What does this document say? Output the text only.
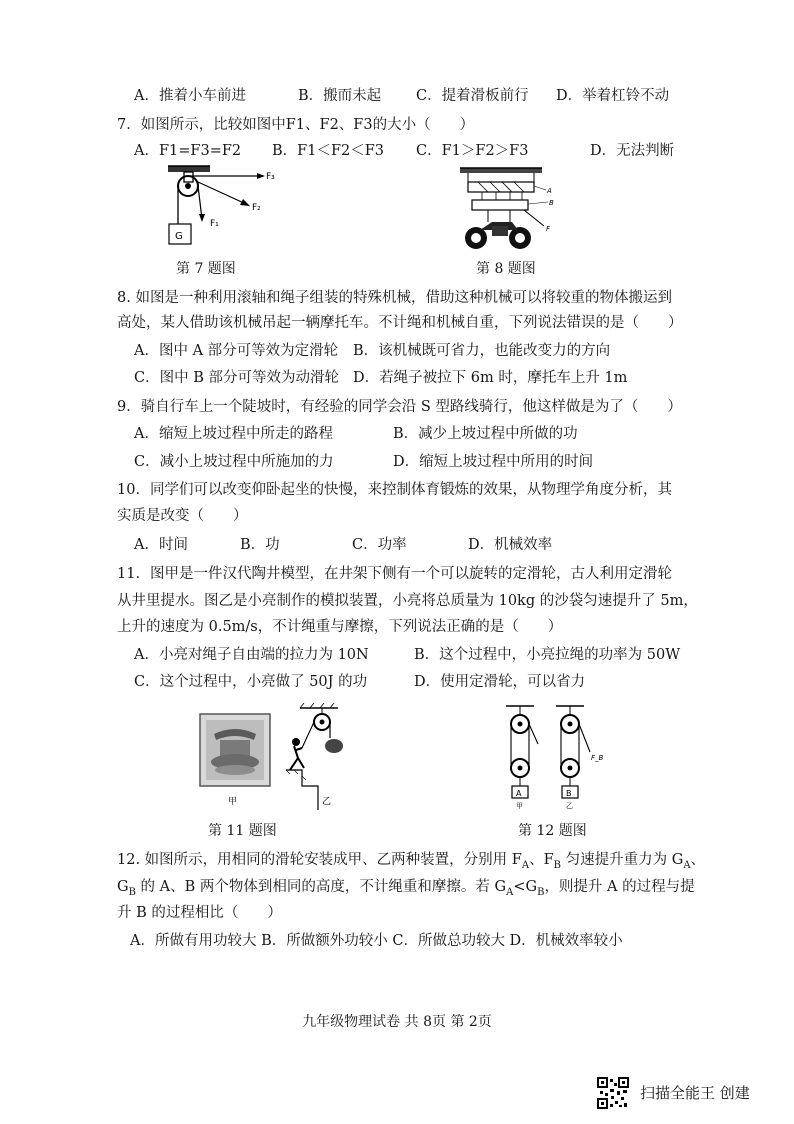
A．推着小车前进	B．搬而未起 C．提着滑板前行 D．举着杠铃不动
7．如图所示，比较如图中F1、F2、F3的大小（　　）
A．F1=F3=F2 B．F1＜F2＜F3 C．F1＞F2＞F3	D．无法判断
G
F₁
F₂
F₃
第 7 题图
A
B
F
第 8 题图
8. 如图是一种利用滚轴和绳子组装的特殊机械，借助这种机械可以将较重的物体搬运到
高处，某人借助该机械吊起一辆摩托车。不计绳和机械自重，下列说法错误的是（　　）
A．图中 A 部分可等效为定滑轮 B．该机械既可省力，也能改变力的方向
C．图中 B 部分可等效为动滑轮 D．若绳子被拉下 6m 时，摩托车上升 1m
9．骑自行车上一个陡坡时，有经验的同学会沿 S 型路线骑行，他这样做是为了（　　）
A．缩短上坡过程中所走的路程	B．减少上坡过程中所做的功
C．减小上坡过程中所施加的力	D．缩短上坡过程中所用的时间
10．同学们可以改变仰卧起坐的快慢，来控制体育锻炼的效果，从物理学角度分析，其
实质是改变（　　）
A．时间	B．功	C．功率	D．机械效率
11．图甲是一件汉代陶井模型，在井架下侧有一个可以旋转的定滑轮，古人利用定滑轮
从井里提水。图乙是小亮制作的模拟装置，小亮将总质量为 10kg 的沙袋匀速提升了 5m，
上升的速度为 0.5m/s，不计绳重与摩擦，下列说法正确的是（　　）
A．小亮对绳子自由端的拉力为 10N	B．这个过程中，小亮拉绳的功率为 50W
C．这个过程中，小亮做了 50J 的功	D．使用定滑轮，可以省力
甲	乙
第 11 题图
A
甲
F_B
B
乙
第 12 题图
12. 如图所示，用相同的滑轮安装成甲、乙两种装置，分别用 $F_A$、$F_B$ 匀速提升重力为 $G_A$、
$G_B$ 的 A、B 两个物体到相同的高度，不计绳重和摩擦。若 $G_A<G_B$，则提升 A 的过程与提
升 B 的过程相比（　　）
A．所做有用功较大 B．所做额外功较小 C．所做总功较大 D．机械效率较小
九年级物理试卷 共 8页 第 2页
扫描全能王 创建
